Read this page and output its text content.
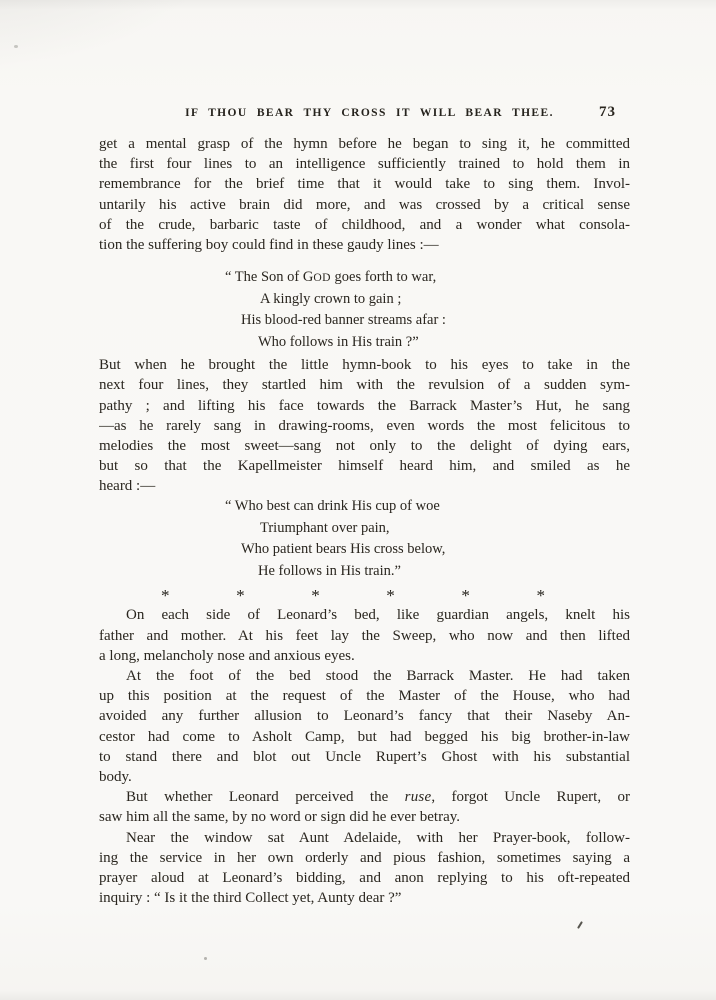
IF THOU BEAR THY CROSS IT WILL BEAR THEE.	73
get a mental grasp of the hymn before he began to sing it, he committed
the first four lines to an intelligence sufficiently trained to hold them in
remembrance for the brief time that it would take to sing them. Invol-
untarily his active brain did more, and was crossed by a critical sense
of the crude, barbaric taste of childhood, and a wonder what consola-
tion the suffering boy could find in these gaudy lines :—
“ The Son of GOD goes forth to war,
A kingly crown to gain ;
His blood-red banner streams afar :
Who follows in His train ?”
But when he brought the little hymn-book to his eyes to take in the
next four lines, they startled him with the revulsion of a sudden sym-
pathy ; and lifting his face towards the Barrack Master’s Hut, he sang
—as he rarely sang in drawing-rooms, even words the most felicitous to
melodies the most sweet—sang not only to the delight of dying ears,
but so that the Kapellmeister himself heard him, and smiled as he
heard :—
“ Who best can drink His cup of woe
Triumphant over pain,
Who patient bears His cross below,
He follows in His train.”
*	*	*	*	*	*
On each side of Leonard’s bed, like guardian angels, knelt his
father and mother. At his feet lay the Sweep, who now and then lifted
a long, melancholy nose and anxious eyes.
At the foot of the bed stood the Barrack Master. He had taken
up this position at the request of the Master of the House, who had
avoided any further allusion to Leonard’s fancy that their Naseby An-
cestor had come to Asholt Camp, but had begged his big brother-in-law
to stand there and blot out Uncle Rupert’s Ghost with his substantial
body.
But whether Leonard perceived the ruse, forgot Uncle Rupert, or
saw him all the same, by no word or sign did he ever betray.
Near the window sat Aunt Adelaide, with her Prayer-book, follow-
ing the service in her own orderly and pious fashion, sometimes saying a
prayer aloud at Leonard’s bidding, and anon replying to his oft-repeated
inquiry : “ Is it the third Collect yet, Aunty dear ?”
